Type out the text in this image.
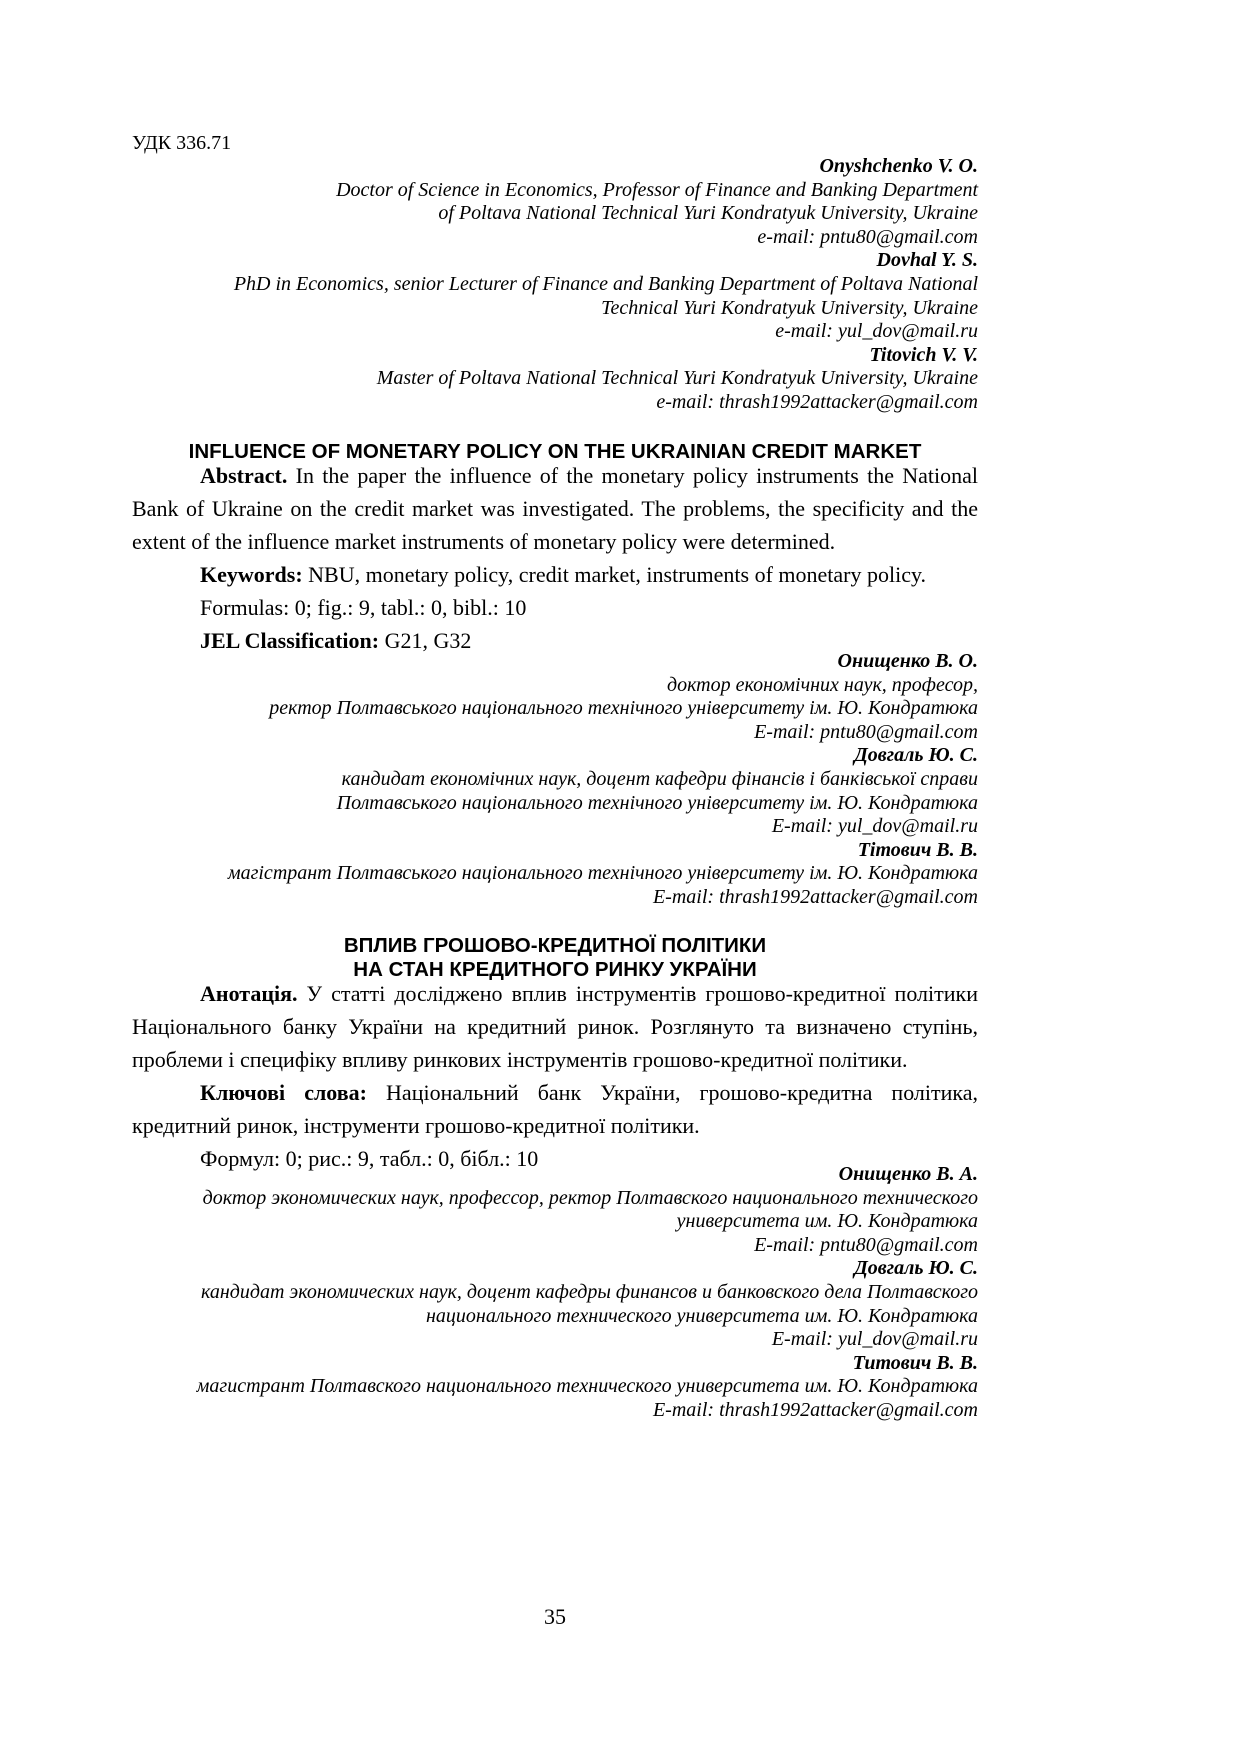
УДК 336.71
Onyshchenko V. O.
Doctor of Science in Economics, Professor of Finance and Banking Department
of Poltava National Technical Yuri Kondratyuk University, Ukraine
e-mail: pntu80@gmail.com
Dovhal Y. S.
PhD in Economics, senior Lecturer of Finance and Banking Department of Poltava National
Technical Yuri Kondratyuk University, Ukraine
e-mail: yul_dov@mail.ru
Titovich V. V.
Master of Poltava National Technical Yuri Kondratyuk University, Ukraine
e-mail: thrash1992attacker@gmail.com
INFLUENCE OF MONETARY POLICY ON THE UKRAINIAN CREDIT MARKET

Abstract. In the paper the influence of the monetary policy instruments the National Bank of Ukraine on the credit market was investigated. The problems, the specificity and the extent of the influence market instruments of monetary policy were determined.

Keywords: NBU, monetary policy, credit market, instruments of monetary policy.

Formulas: 0; fig.: 9, tabl.: 0, bibl.: 10

JEL Classification: G21, G32

Онищенко В. О.
доктор економічних наук, професор,
ректор Полтавського національного технічного університету ім. Ю. Кондратюка
E-mail: pntu80@gmail.com
Довгаль Ю. С.
кандидат економічних наук, доцент кафедри фінансів і банківської справи
Полтавського національного технічного університету ім. Ю. Кондратюка
E-mail: yul_dov@mail.ru
Тітович В. В.
магістрант Полтавського національного технічного університету ім. Ю. Кондратюка
E-mail: thrash1992attacker@gmail.com
ВПЛИВ ГРОШОВО-КРЕДИТНОЇ ПОЛІТИКИ
НА СТАН КРЕДИТНОГО РИНКУ УКРАЇНИ

Анотація. У статті досліджено вплив інструментів грошово-кредитної політики Національного банку України на кредитний ринок. Розглянуто та визначено ступінь, проблеми і специфіку впливу ринкових інструментів грошово-кредитної політики.

Ключові слова: Національний банк України, грошово-кредитна політика, кредитний ринок, інструменти грошово-кредитної політики.

Формул: 0; рис.: 9, табл.: 0, бібл.: 10

Онищенко В. А.
доктор экономических наук, профессор, ректор Полтавского национального технического
университета им. Ю. Кондратюка
E-mail: pntu80@gmail.com
Довгаль Ю. С.
кандидат экономических наук, доцент кафедры финансов и банковского дела Полтавского
национального технического университета им. Ю. Кондратюка
E-mail: yul_dov@mail.ru
Титович В. В.
магистрант Полтавского национального технического университета им. Ю. Кондратюка
E-mail: thrash1992attacker@gmail.com
35
